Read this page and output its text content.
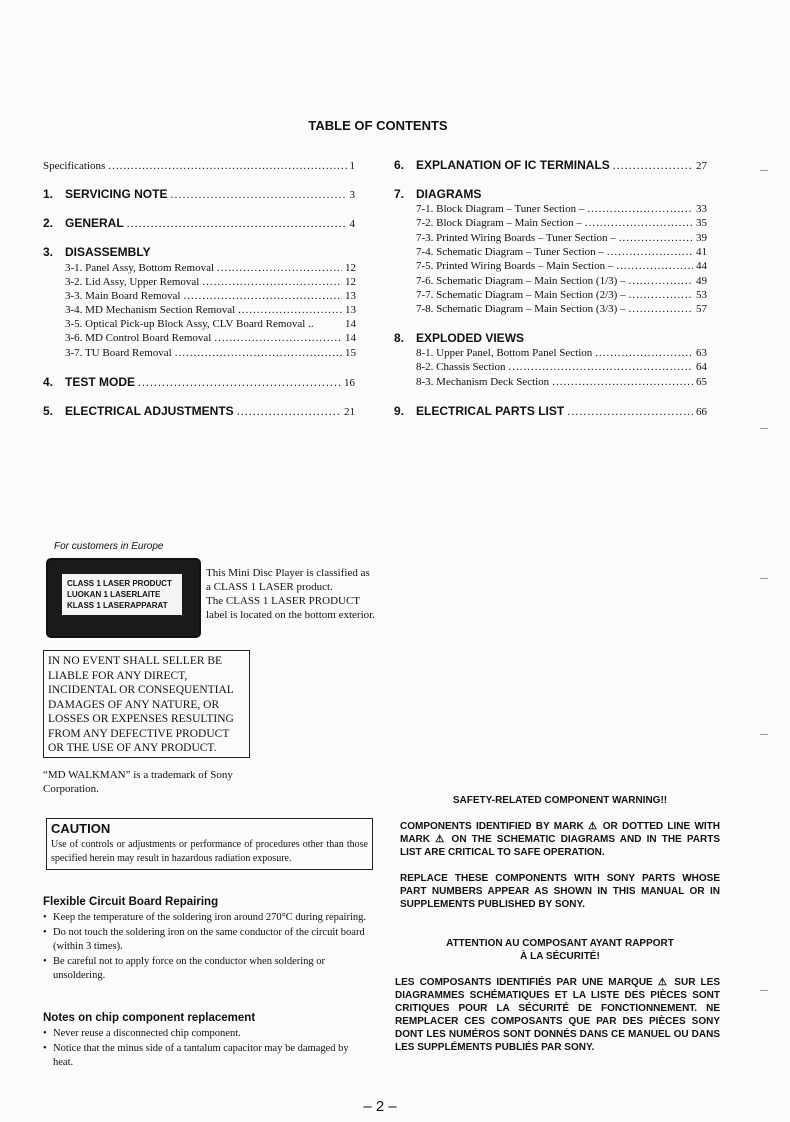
TABLE OF CONTENTS
Specifications .....	1
1. SERVICING NOTE .....	3
2. GENERAL .....	4
3. DISASSEMBLY
3-1. Panel Assy, Bottom Removal .....	12
3-2. Lid Assy, Upper Removal .....	12
3-3. Main Board Removal .....	13
3-4. MD Mechanism Section Removal .....	13
3-5. Optical Pick-up Block Assy, CLV Board Removal ..	14
3-6. MD Control Board Removal .....	14
3-7. TU Board Removal .....	15
4. TEST MODE .....	16
5. ELECTRICAL ADJUSTMENTS .....	21
6. EXPLANATION OF IC TERMINALS .....	27
7. DIAGRAMS
7-1. Block Diagram – Tuner Section – .....	33
7-2. Block Diagram – Main Section – .....	35
7-3. Printed Wiring Boards – Tuner Section – .....	39
7-4. Schematic Diagram – Tuner Section – .....	41
7-5. Printed Wiring Boards – Main Section – .....	44
7-6. Schematic Diagram – Main Section (1/3) – .....	49
7-7. Schematic Diagram – Main Section (2/3) – .....	53
7-8. Schematic Diagram – Main Section (3/3) – .....	57
8. EXPLODED VIEWS
8-1. Upper Panel, Bottom Panel Section .....	63
8-2. Chassis Section .....	64
8-3. Mechanism Deck Section .....	65
9. ELECTRICAL PARTS LIST .....	66
For customers in Europe
CLASS 1 LASER PRODUCT
LUOKAN 1 LASERLAITE
KLASS 1 LASERAPPARAT
This Mini Disc Player is classified as
a CLASS 1 LASER product.
The CLASS 1 LASER PRODUCT
label is located on the bottom exterior.
IN NO EVENT SHALL SELLER BE
LIABLE FOR ANY DIRECT,
INCIDENTAL OR CONSEQUENTIAL
DAMAGES OF ANY NATURE, OR
LOSSES OR EXPENSES RESULTING
FROM ANY DEFECTIVE PRODUCT
OR THE USE OF ANY PRODUCT.
“MD WALKMAN” is a trademark of Sony
Corporation.
CAUTION
Use of controls or adjustments or performance of procedures other than those specified herein may result in hazardous radiation exposure.
Flexible Circuit Board Repairing
• Keep the temperature of the soldering iron around 270°C during repairing.
• Do not touch the soldering iron on the same conductor of the circuit board (within 3 times).
• Be careful not to apply force on the conductor when soldering or unsoldering.
Notes on chip component replacement
• Never reuse a disconnected chip component.
• Notice that the minus side of a tantalum capacitor may be damaged by heat.
SAFETY-RELATED COMPONENT WARNING!!
COMPONENTS IDENTIFIED BY MARK ⚠ OR DOTTED LINE WITH MARK ⚠ ON THE SCHEMATIC DIAGRAMS AND IN THE PARTS LIST ARE CRITICAL TO SAFE OPERATION.
REPLACE THESE COMPONENTS WITH SONY PARTS WHOSE PART NUMBERS APPEAR AS SHOWN IN THIS MANUAL OR IN SUPPLEMENTS PUBLISHED BY SONY.
ATTENTION AU COMPOSANT AYANT RAPPORT
À LA SÉCURITÉ!
LES COMPOSANTS IDENTIFIÉS PAR UNE MARQUE ⚠ SUR LES DIAGRAMMES SCHÉMATIQUES ET LA LISTE DES PIÈCES SONT CRITIQUES POUR LA SÉCURITÉ DE FONCTIONNEMENT. NE REMPLACER CES COMPOSANTS QUE PAR DES PIÈCES SONY DONT LES NUMÉROS SONT DONNÉS DANS CE MANUEL OU DANS LES SUPPLÉMENTS PUBLIÉS PAR SONY.
– 2 –
